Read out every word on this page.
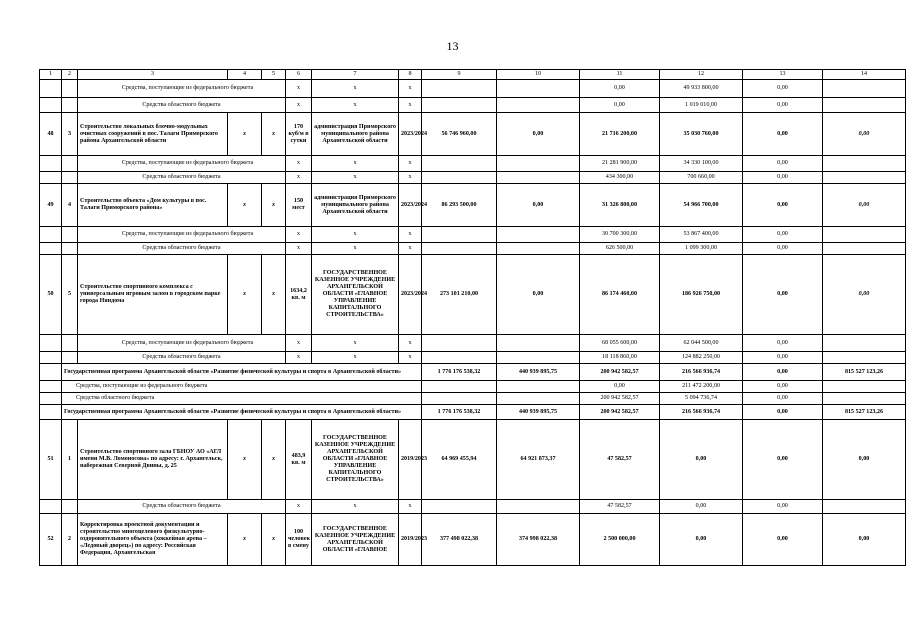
13
1	2	3	4	5	6	7	8	9	10	11	12	13	14
		Средства, поступающие из федерального бюджета			х	х	х			0,00	49 933 800,00	0,00	
		Средства областного бюджета			х	х	х			0,00	1 019 010,00	0,00	
48	3	Строительство локальных блочно-модульных очистных сооружений в пос. Талаги Приморского района Архангельской области	х	х	170 куб/м в сутки	администрация Приморского муниципального района Архангельской области	2023/2024	56 746 960,00	0,00	21 716 200,00	35 030 760,00	0,00	0,00
		Средства, поступающие из федерального бюджета			х	х	х			21 281 900,00	34 330 100,00	0,00	
		Средства областного бюджета			х	х	х			434 300,00	700 660,00	0,00	
49	4	Строительство объекта «Дом культуры в пос. Талаги Приморского района»	х	х	150 мест	администрация Приморского муниципального района Архангельской области	2023/2024	86 293 500,00	0,00	31 326 800,00	54 966 700,00	0,00	0,00
		Средства, поступающие из федерального бюджета			х	х	х			30 700 300,00	53 867 400,00	0,00	
		Средства областного бюджета			х	х	х			626 500,00	1 099 300,00	0,00	
50	5	Строительство спортивного комплекса с универсальным игровым залом в городском парке города Няндома	х	х	1634,2 кв. м	ГОСУДАРСТВЕННОЕ КАЗЕННОЕ УЧРЕЖДЕНИЕ АРХАНГЕЛЬСКОЙ ОБЛАСТИ «ГЛАВНОЕ УПРАВЛЕНИЕ КАПИТАЛЬНОГО СТРОИТЕЛЬСТВА»	2023/2024	273 101 210,00	0,00	86 174 460,00	186 926 750,00	0,00	0,00
		Средства, поступающие из федерального бюджета			х	х	х			68 055 600,00	62 044 500,00	0,00	
		Средства областного бюджета			х	х	х			18 118 860,00	124 882 250,00	0,00	
	Государственная программа Архангельской области «Развитие физической культуры и спорта в Архангельской области»							1 776 176 538,32	440 939 895,75	200 942 582,57	216 566 936,74	0,00	815 527 123,26
	Средства, поступающие из федерального бюджета									0,00	211 472 200,00	0,00	
	Средства областного бюджета									200 942 582,57	5 094 736,74	0,00	
	Государственная программа Архангельской области «Развитие физической культуры и спорта в Архангельской области»							1 776 176 538,32	440 939 895,75	200 942 582,57	216 566 936,74	0,00	815 527 123,26
51	1	Строительство спортивного зала ГБНОУ АО «АГЛ имени М.В. Ломоносова» по адресу: г. Архангельск, набережная Северной Двины, д. 25	х	х	483,9 кв. м	ГОСУДАРСТВЕННОЕ КАЗЕННОЕ УЧРЕЖДЕНИЕ АРХАНГЕЛЬСКОЙ ОБЛАСТИ «ГЛАВНОЕ УПРАВЛЕНИЕ КАПИТАЛЬНОГО СТРОИТЕЛЬСТВА»	2019/2023	64 969 455,94	64 921 873,37	47 582,57	0,00	0,00	0,00
		Средства областного бюджета			х	х	х			47 582,57	0,00	0,00	
52	2	Корректировка проектной документации и строительство многоцелевого физкультурно-оздоровительного объекта (хоккейная арена – «Ледовый дворец») по адресу: Российская Федерация, Архангельская	х	х	100 человек в смену	ГОСУДАРСТВЕННОЕ КАЗЕННОЕ УЧРЕЖДЕНИЕ АРХАНГЕЛЬСКОЙ ОБЛАСТИ «ГЛАВНОЕ	2019/2023	377 498 022,38	374 998 022,38	2 500 000,00	0,00	0,00	0,00
